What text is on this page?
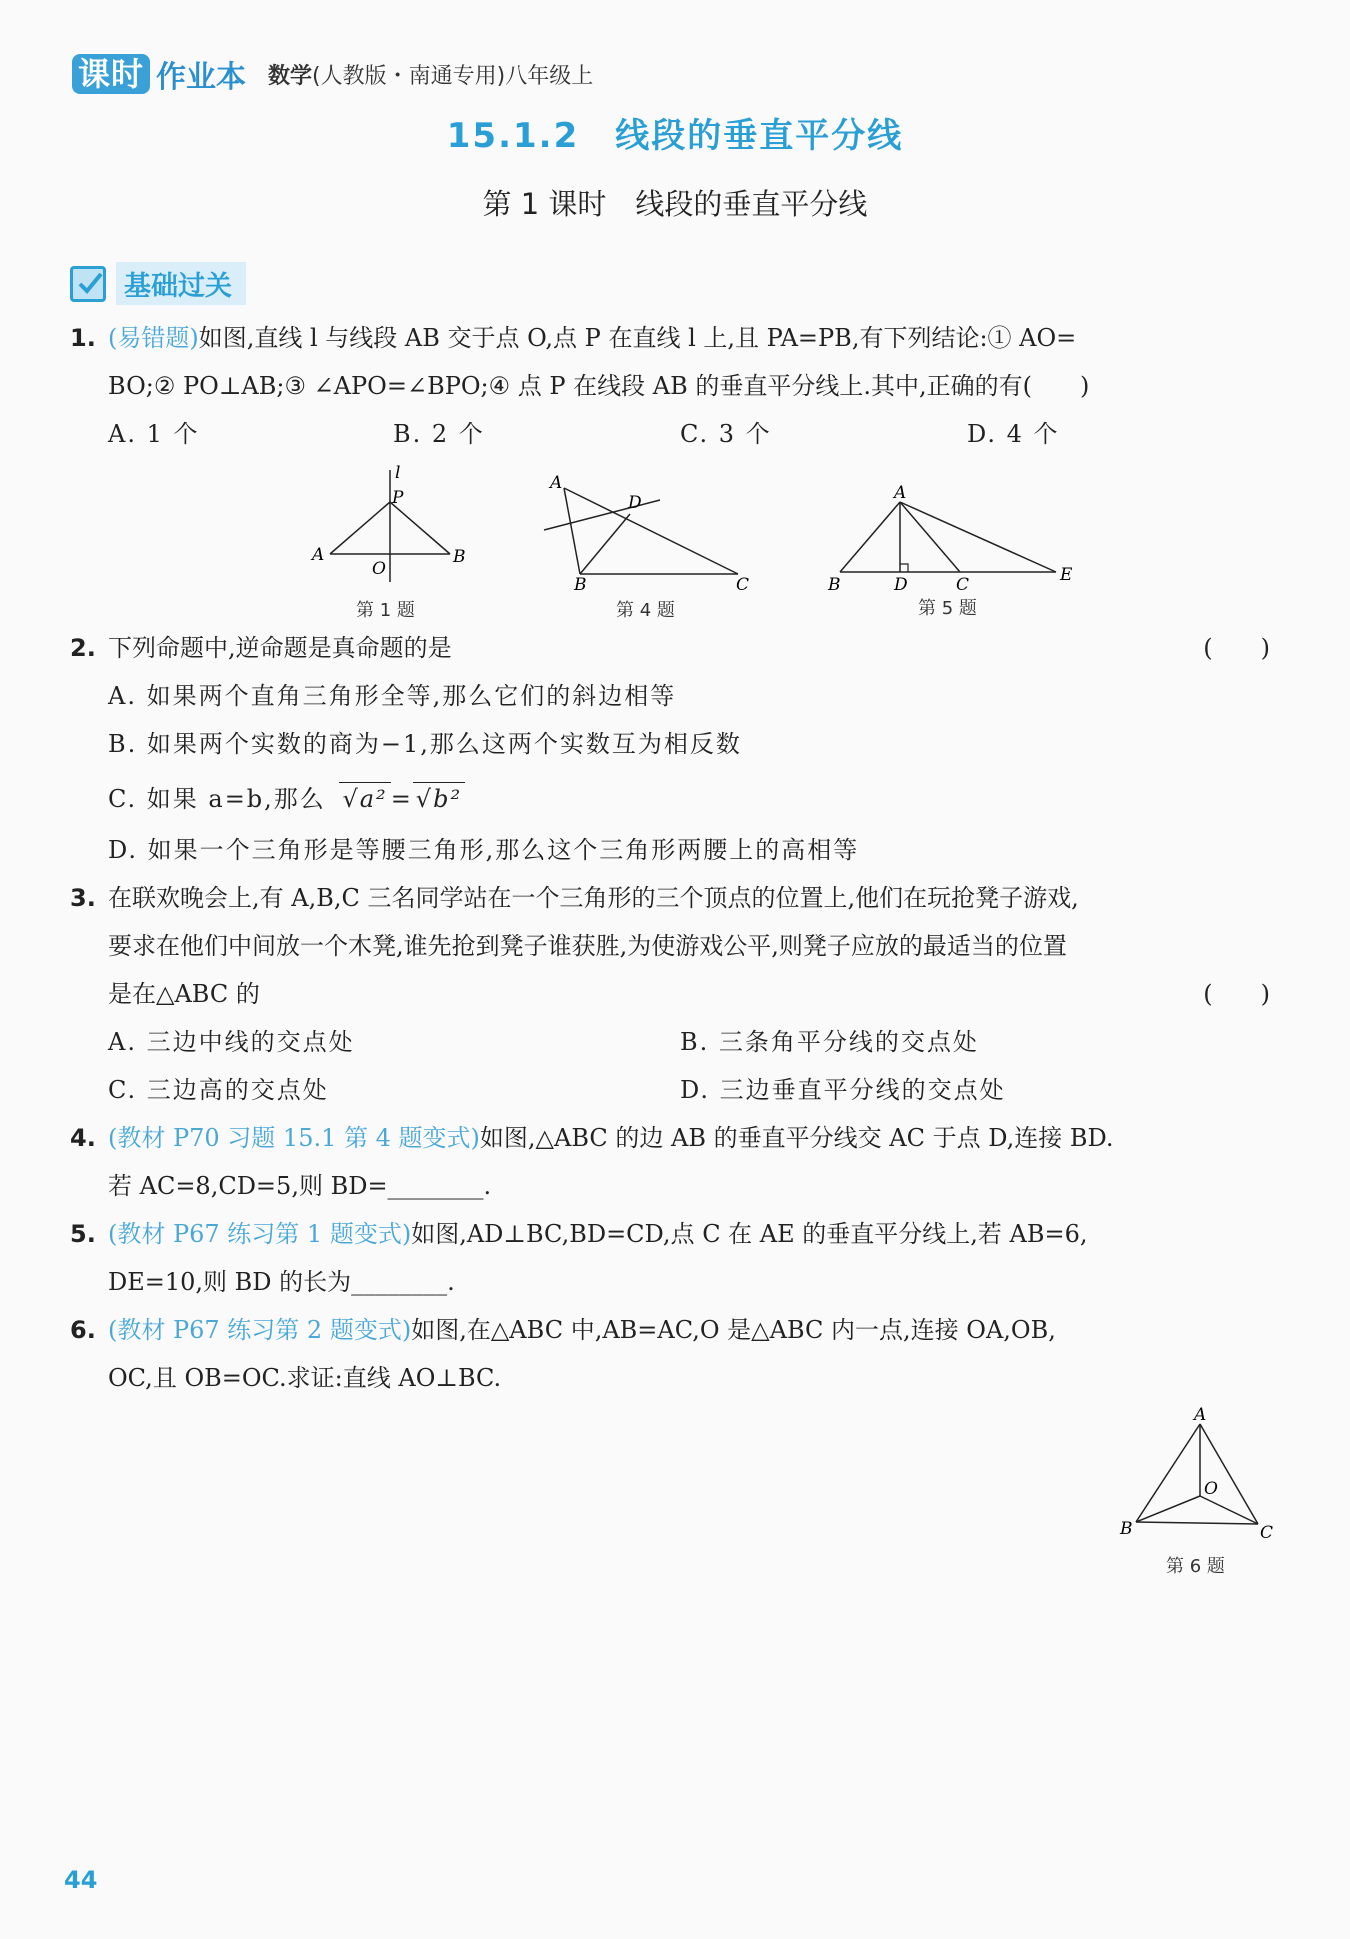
课时 作业本 数学(人教版・南通专用)八年级上
15.1.2　线段的垂直平分线
第 1 课时　线段的垂直平分线
基础过关
1. (易错题)如图,直线 l 与线段 AB 交于点 O,点 P 在直线 l 上,且 PA=PB,有下列结论:① AO=
BO;② PO⊥AB;③ ∠APO=∠BPO;④ 点 P 在线段 AB 的垂直平分线上.其中,正确的有(　　)
A. 1 个	B. 2 个	C. 3 个	D. 4 个
l
P
A	B
O
第 1 题
A
D
B	C
第 4 题
A
B	D	C	E
第 5 题
2. 下列命题中,逆命题是真命题的是	(　　)
A. 如果两个直角三角形全等,那么它们的斜边相等
B. 如果两个实数的商为−1,那么这两个实数互为相反数
C. 如果 a=b,那么 √a² = √b²
D. 如果一个三角形是等腰三角形,那么这个三角形两腰上的高相等
3. 在联欢晚会上,有 A,B,C 三名同学站在一个三角形的三个顶点的位置上,他们在玩抢凳子游戏,
要求在他们中间放一个木凳,谁先抢到凳子谁获胜,为使游戏公平,则凳子应放的最适当的位置
是在△ABC 的	(　　)
A. 三边中线的交点处	B. 三条角平分线的交点处
C. 三边高的交点处	D. 三边垂直平分线的交点处
4. (教材 P70 习题 15.1 第 4 题变式)如图,△ABC 的边 AB 的垂直平分线交 AC 于点 D,连接 BD.
若 AC=8,CD=5,则 BD=________.
5. (教材 P67 练习第 1 题变式)如图,AD⊥BC,BD=CD,点 C 在 AE 的垂直平分线上,若 AB=6,
DE=10,则 BD 的长为________.
6. (教材 P67 练习第 2 题变式)如图,在△ABC 中,AB=AC,O 是△ABC 内一点,连接 OA,OB,
OC,且 OB=OC.求证:直线 AO⊥BC.
A
O
B	C
第 6 题
44
